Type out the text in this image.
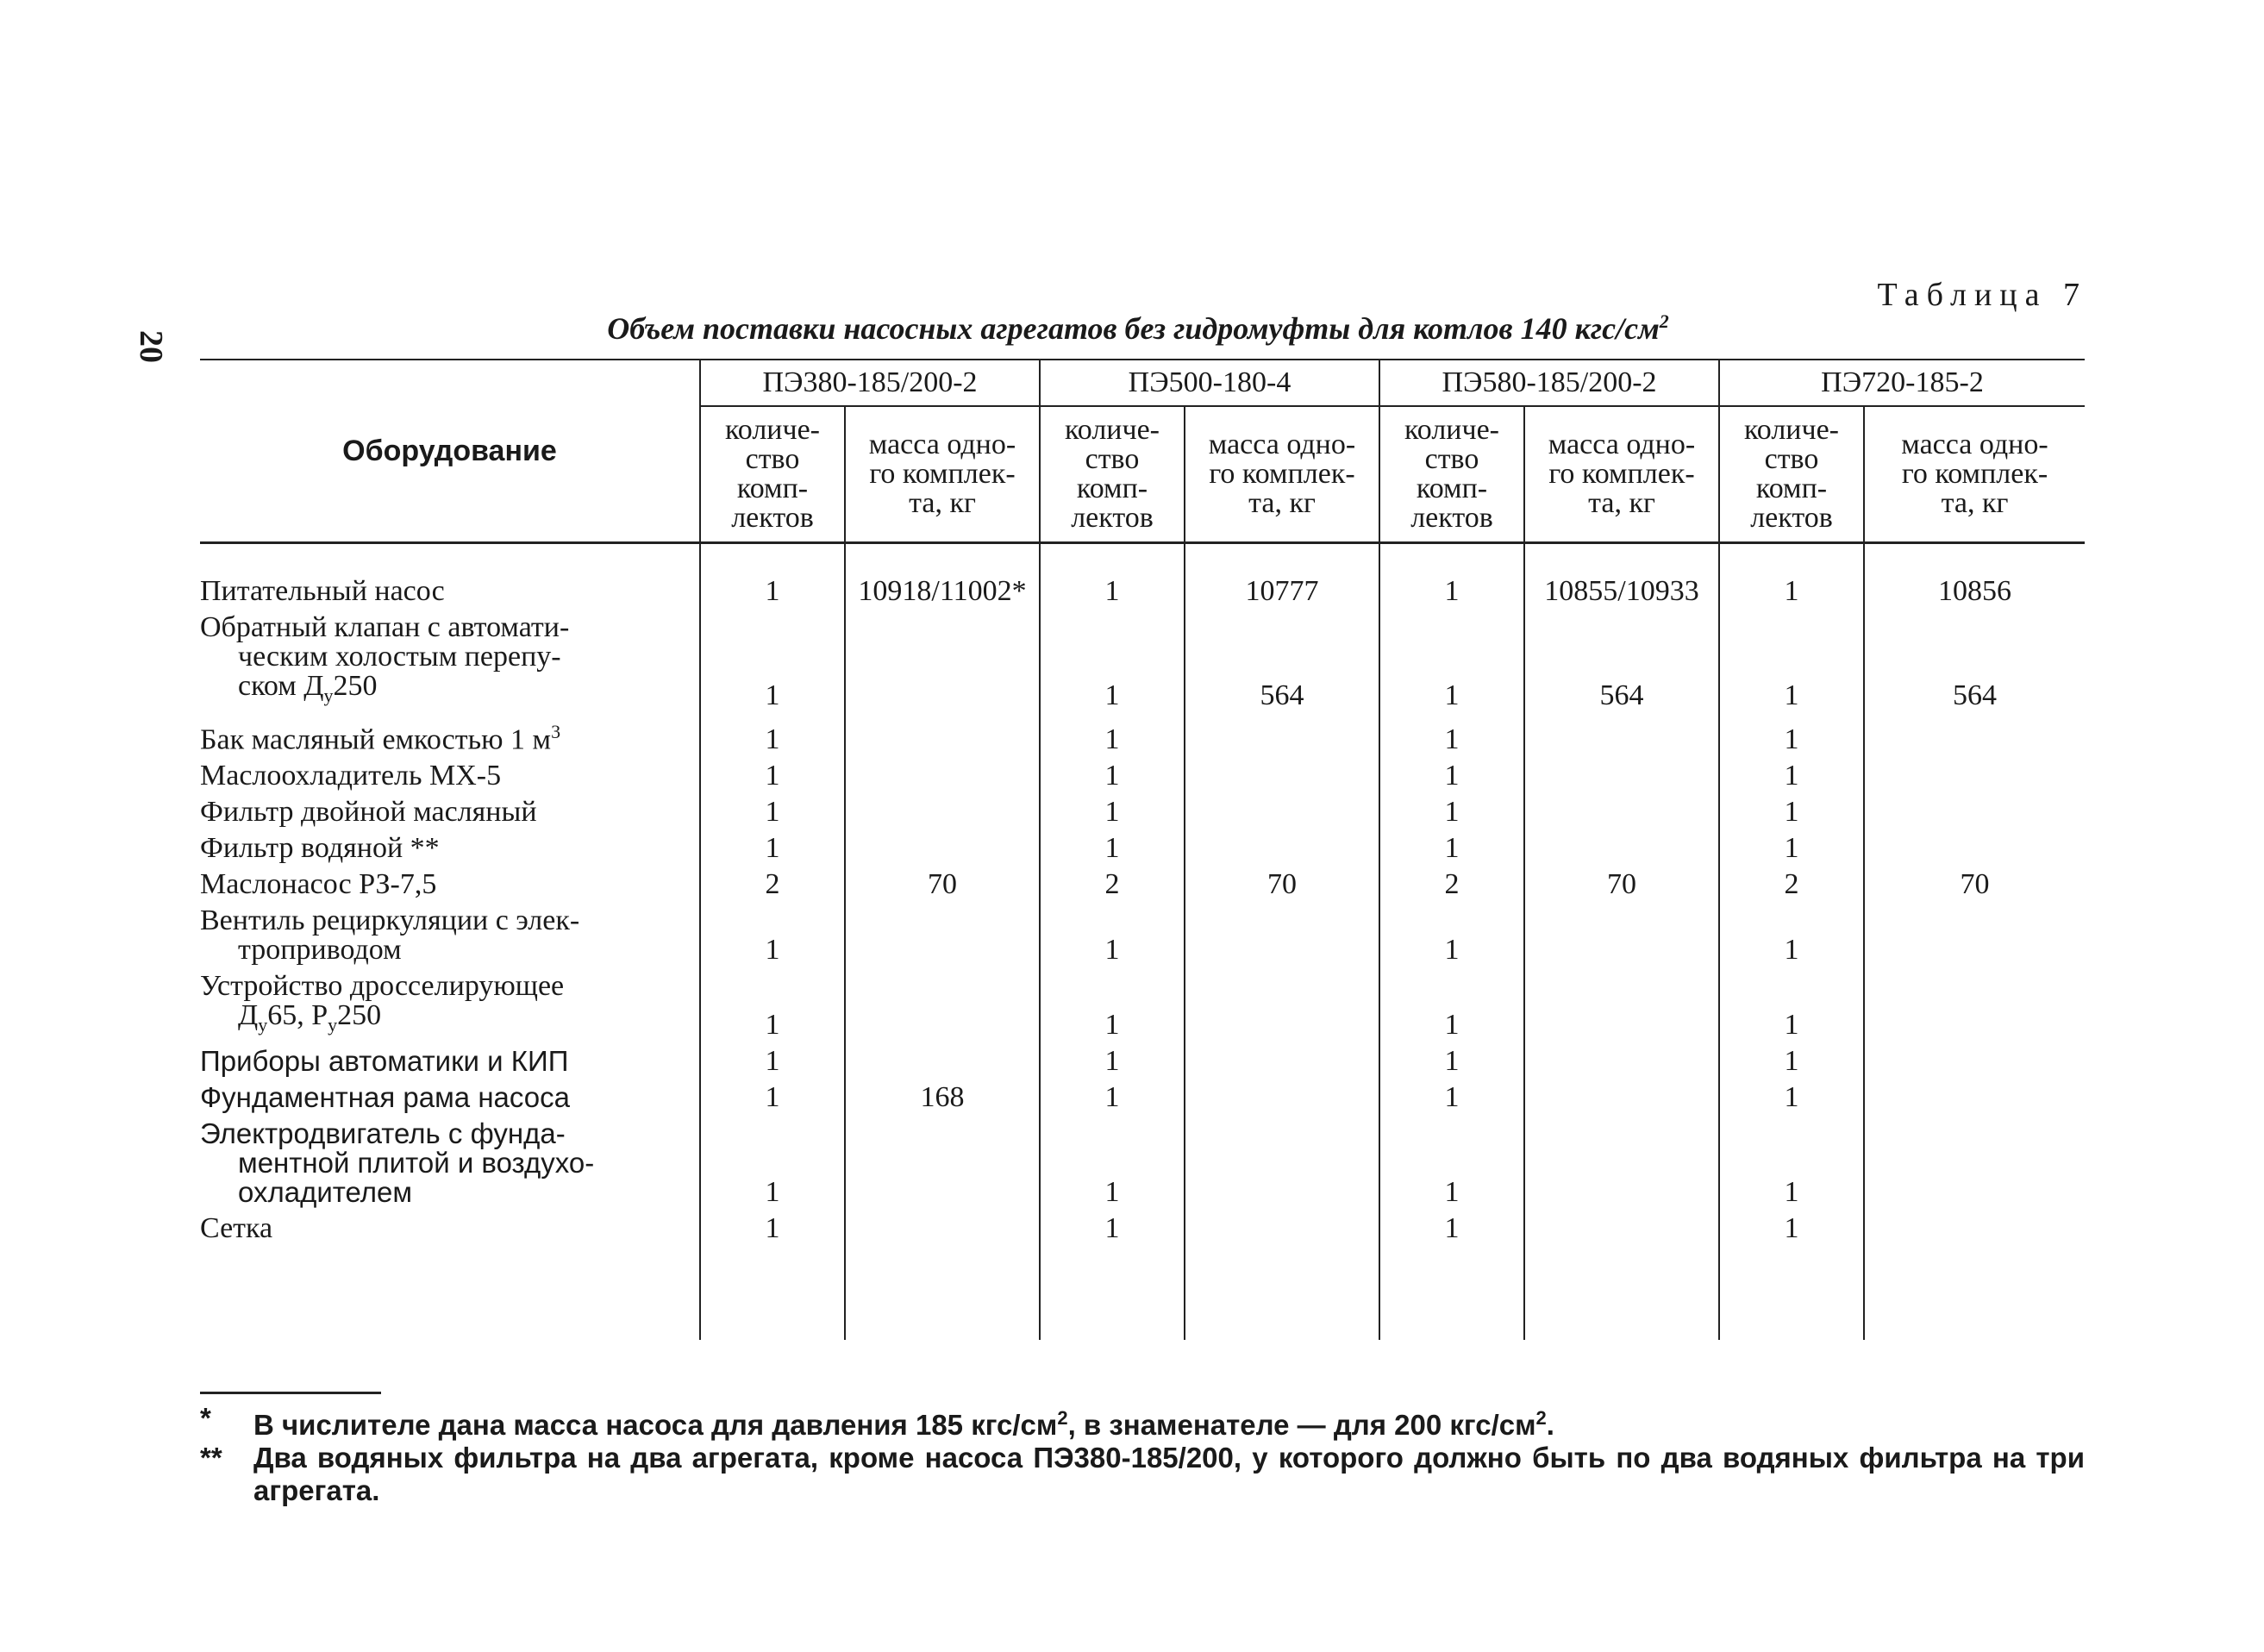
20
Таблица 7
Объем поставки насосных агрегатов без гидромуфты для котлов 140 кгс/$см^2$
Оборудование	ПЭ380-185/200-2		ПЭ500-180-4		ПЭ580-185/200-2		ПЭ720-185-2	
	количе-
ство
комп-
лектов	масса одно-
го комплек-
та, кг	количе-
ство
комп-
лектов	масса одно-
го комплек-
та, кг	количе-
ство
комп-
лектов	масса одно-
го комплек-
та, кг	количе-
ство
комп-
лектов	масса одно-
го комплек-
та, кг

Питательный насос	1	10918/11002*	1	10777	1	10855/10933	1	10856

Обратный клапан с автомати-
ческим холостым перепу-
ском $Д_у250$	1		1	564	1	564	1	564

Бак масляный емкостью 1 $м^3$	1		1		1		1	

Маслоохладитель МХ-5	1		1		1		1	

Фильтр двойной масляный	1		1		1		1	

Фильтр водяной **	1		1		1		1	

Маслонасос РЗ-7,5	2	70	2	70	2	70	2	70

Вентиль рециркуляции с элек-
троприводом	1		1		1		1	

Устройство дросселирующее
$Д_у65$, $Р_у250$	1		1		1		1	

Приборы автоматики и КИП	1		1		1		1	

Фундаментная рама насоса	1	168	1		1		1	

Электродвигатель с фунда-
ментной плитой и воздухо-
охладителем	1		1		1		1	

Сетка	1		1		1		1	

*	В числителе дана масса насоса для давления 185 кгс/$см^2$, в знаменателе — для 200 кгс/$см^2$.
**	Два водяных фильтра на два агрегата, кроме насоса ПЭ380-185/200, у которого должно быть по два водяных фильтра на три агрегата.
